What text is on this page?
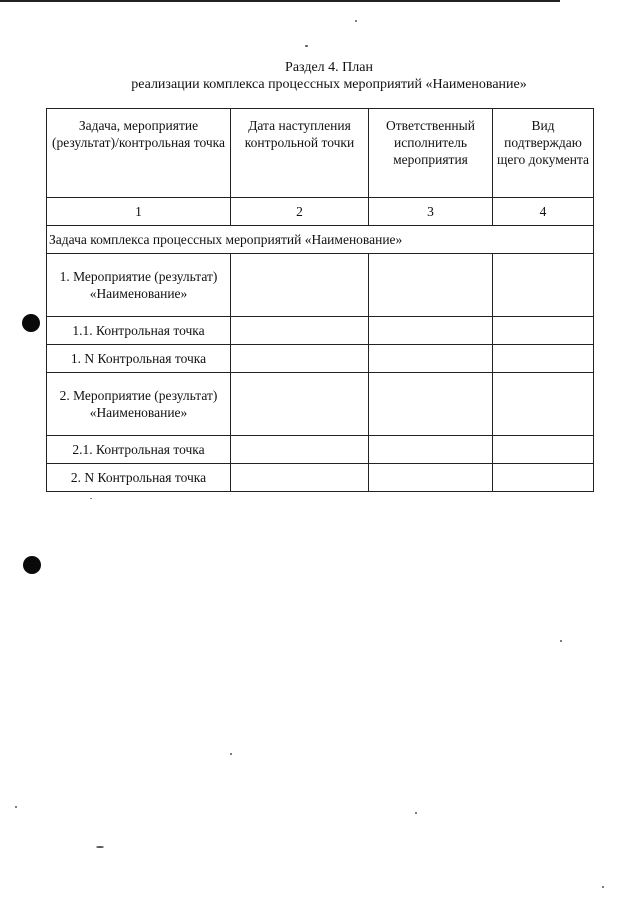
Раздел 4. План
реализации комплекса процессных мероприятий «Наименование»
Задача, мероприятие (результат)/контрольная точка	Дата наступления контрольной точки	Ответственный исполнитель мероприятия	Вид подтверждаю щего документа
1	2	3	4
Задача комплекса процессных мероприятий «Наименование»			
1. Мероприятие (результат) «Наименование»			
1.1. Контрольная точка			
1. N Контрольная точка			
2. Мероприятие (результат) «Наименование»			
2.1. Контрольная точка			
2. N Контрольная точка			
